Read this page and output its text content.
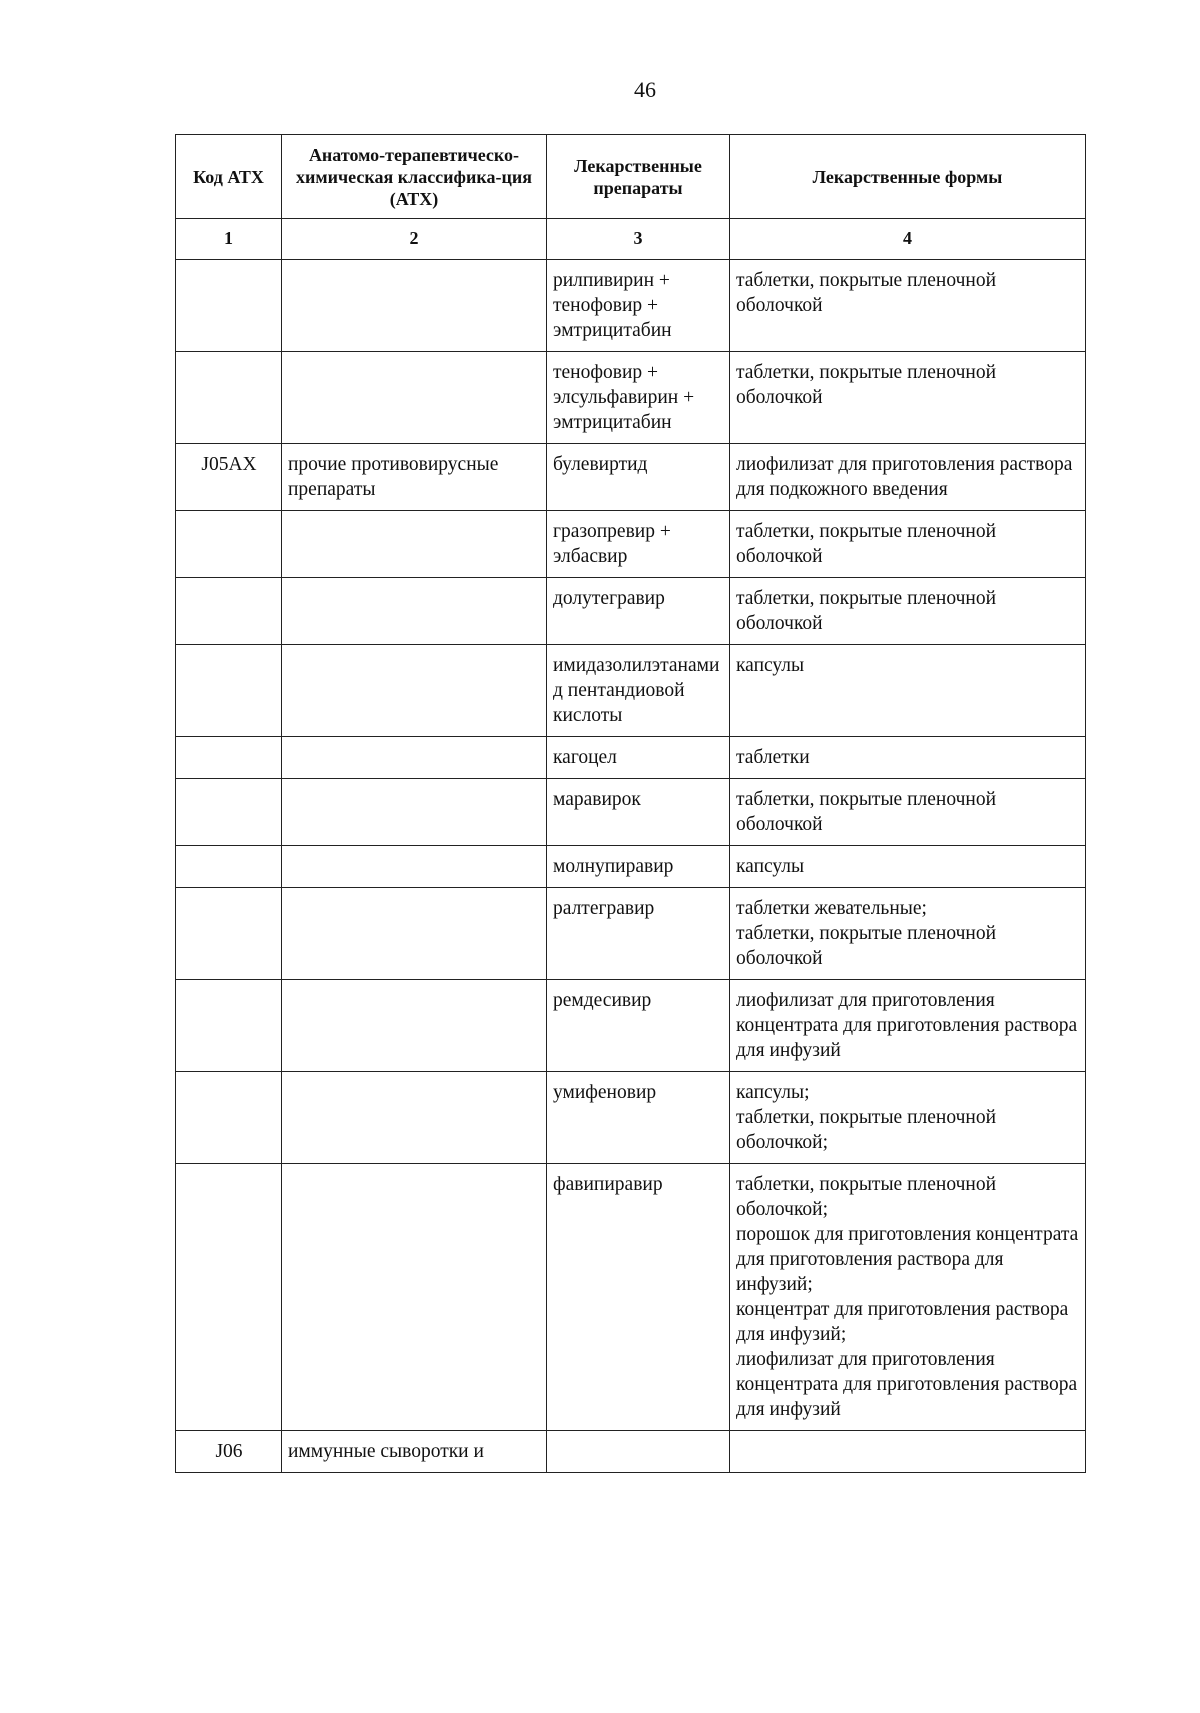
46
Код АТХ	Анатомо-терапевтическо-химическая классифика-ция (АТХ)	Лекарственные препараты	Лекарственные формы
1	2	3	4
		рилпивирин + тенофовир + эмтрицитабин	таблетки, покрытые пленочной оболочкой
		тенофовир + элсульфавирин + эмтрицитабин	таблетки, покрытые пленочной оболочкой
J05AX	прочие противовирусные препараты	булевиртид	лиофилизат для приготовления раствора для подкожного введения
		гразопревир + элбасвир	таблетки, покрытые пленочной оболочкой
		долутегравир	таблетки, покрытые пленочной оболочкой
		имидазолилэтанамид пентандиовой кислоты	капсулы
		кагоцел	таблетки
		маравирок	таблетки, покрытые пленочной оболочкой
		молнупиравир	капсулы
		ралтегравир	таблетки жевательные;
таблетки, покрытые пленочной оболочкой
		ремдесивир	лиофилизат для приготовления концентрата для приготовления раствора для инфузий
		умифеновир	капсулы;
таблетки, покрытые пленочной оболочкой;
		фавипиравир	таблетки, покрытые пленочной оболочкой;
порошок для приготовления концентрата для приготовления раствора для инфузий;
концентрат для приготовления раствора для инфузий;
лиофилизат для приготовления концентрата для приготовления раствора для инфузий
J06	иммунные сыворотки и		
